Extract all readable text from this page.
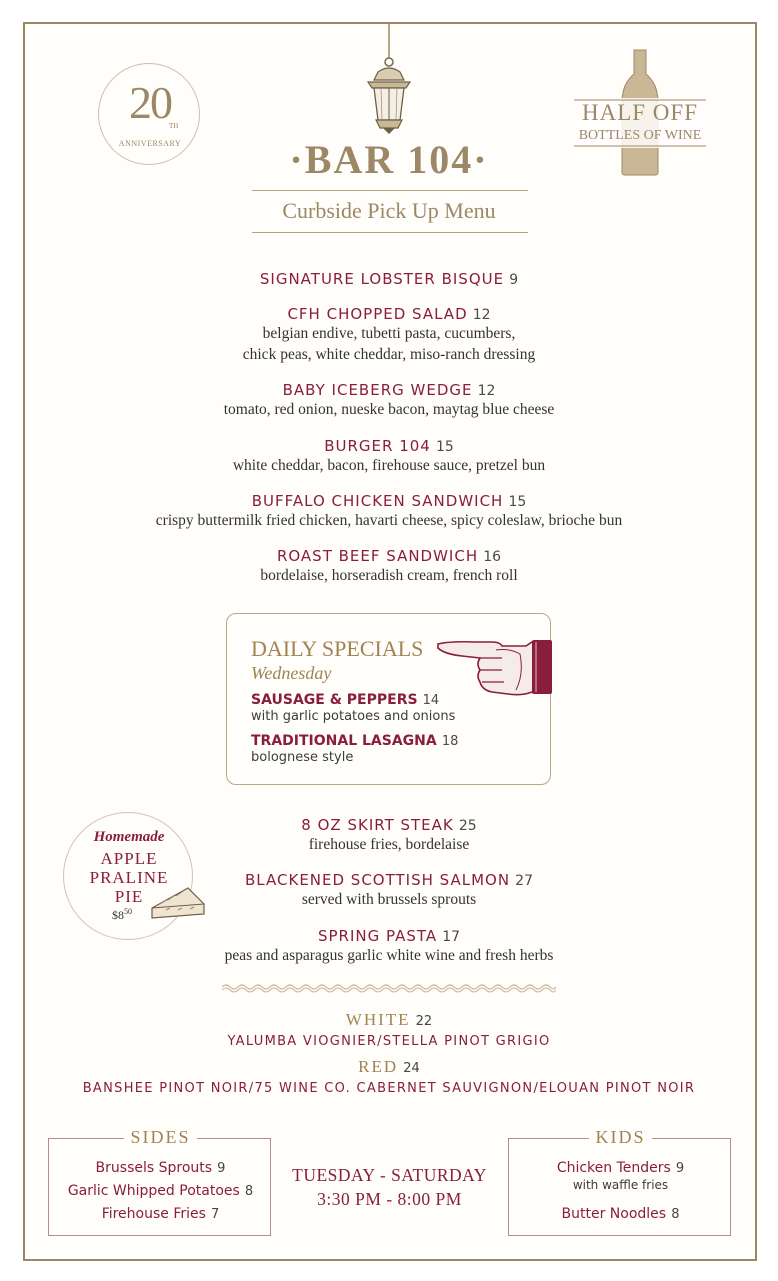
20
TH
ANNIVERSARY	·BAR 104·
Curbside Pick Up Menu
HALF OFF
BOTTLES OF WINE
SIGNATURE LOBSTER BISQUE 9
CFH CHOPPED SALAD 12
belgian endive, tubetti pasta, cucumbers,
chick peas, white cheddar, miso-ranch dressing
BABY ICEBERG WEDGE 12
tomato, red onion, nueske bacon, maytag blue cheese
BURGER 104 15
white cheddar, bacon, firehouse sauce, pretzel bun
BUFFALO CHICKEN SANDWICH 15
crispy buttermilk fried chicken, havarti cheese, spicy coleslaw, brioche bun
ROAST BEEF SANDWICH 16
bordelaise, horseradish cream, french roll
DAILY SPECIALS
Wednesday
SAUSAGE & PEPPERS 14
with garlic potatoes and onions
TRADITIONAL LASAGNA 18
bolognese style
Homemade
APPLE
PRALINE
PIE
$\$8^{50}$
8 OZ SKIRT STEAK 25
firehouse fries, bordelaise
BLACKENED SCOTTISH SALMON 27
served with brussels sprouts
SPRING PASTA 17
peas and asparagus garlic white wine and fresh herbs
WHITE 22
YALUMBA VIOGNIER/STELLA PINOT GRIGIO
RED 24
BANSHEE PINOT NOIR/75 WINE CO. CABERNET SAUVIGNON/ELOUAN PINOT NOIR
SIDES
Brussels Sprouts 9
Garlic Whipped Potatoes 8
Firehouse Fries 7
TUESDAY - SATURDAY
3:30 PM - 8:00 PM
KIDS
Chicken Tenders 9
with waffle fries
Butter Noodles 8
